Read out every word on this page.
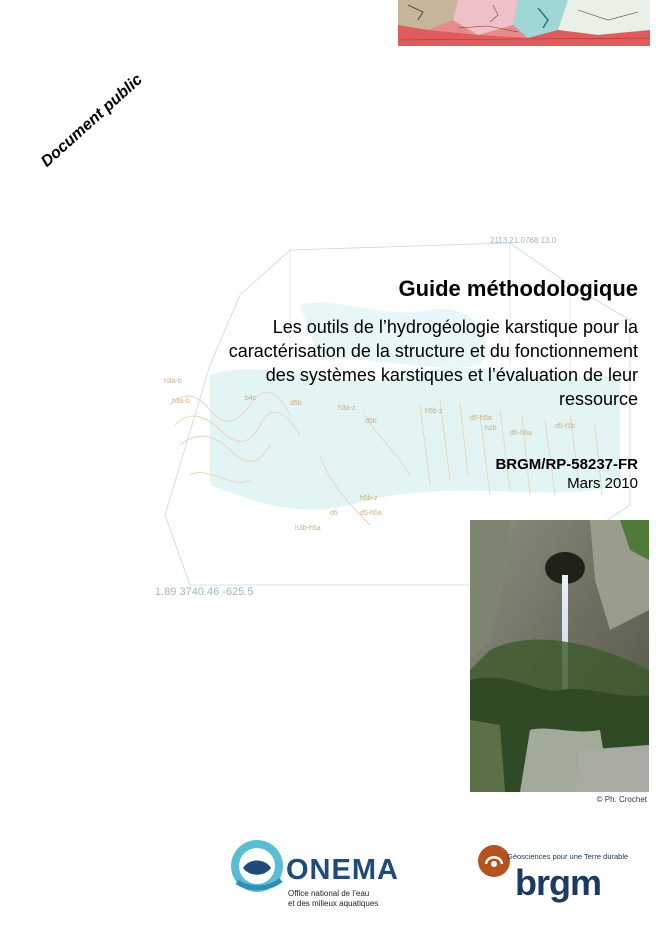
2113.21.0768 13.0
1.89 3740.46 -625.5
h3a-b
h3a-b	b4c
d5b
h3a-z
d5b
h5b-z
d5-h5a
h2b
d5-h5a
d5-f1b
d5
h3b-h5a
h5b-z
d5-h5a
Document public
Guide méthodologique

Les outils de l’hydrogéologie karstique pour la
caractérisation de la structure et du fonctionnement
des systèmes karstiques et l’évaluation de leur
ressource

BRGM/RP-58237-FR
Mars 2010
© Ph. Crochet
ONEMA
Office national de l’eau
et des milieux aquatiques
Géosciences pour une Terre durable
brgm
